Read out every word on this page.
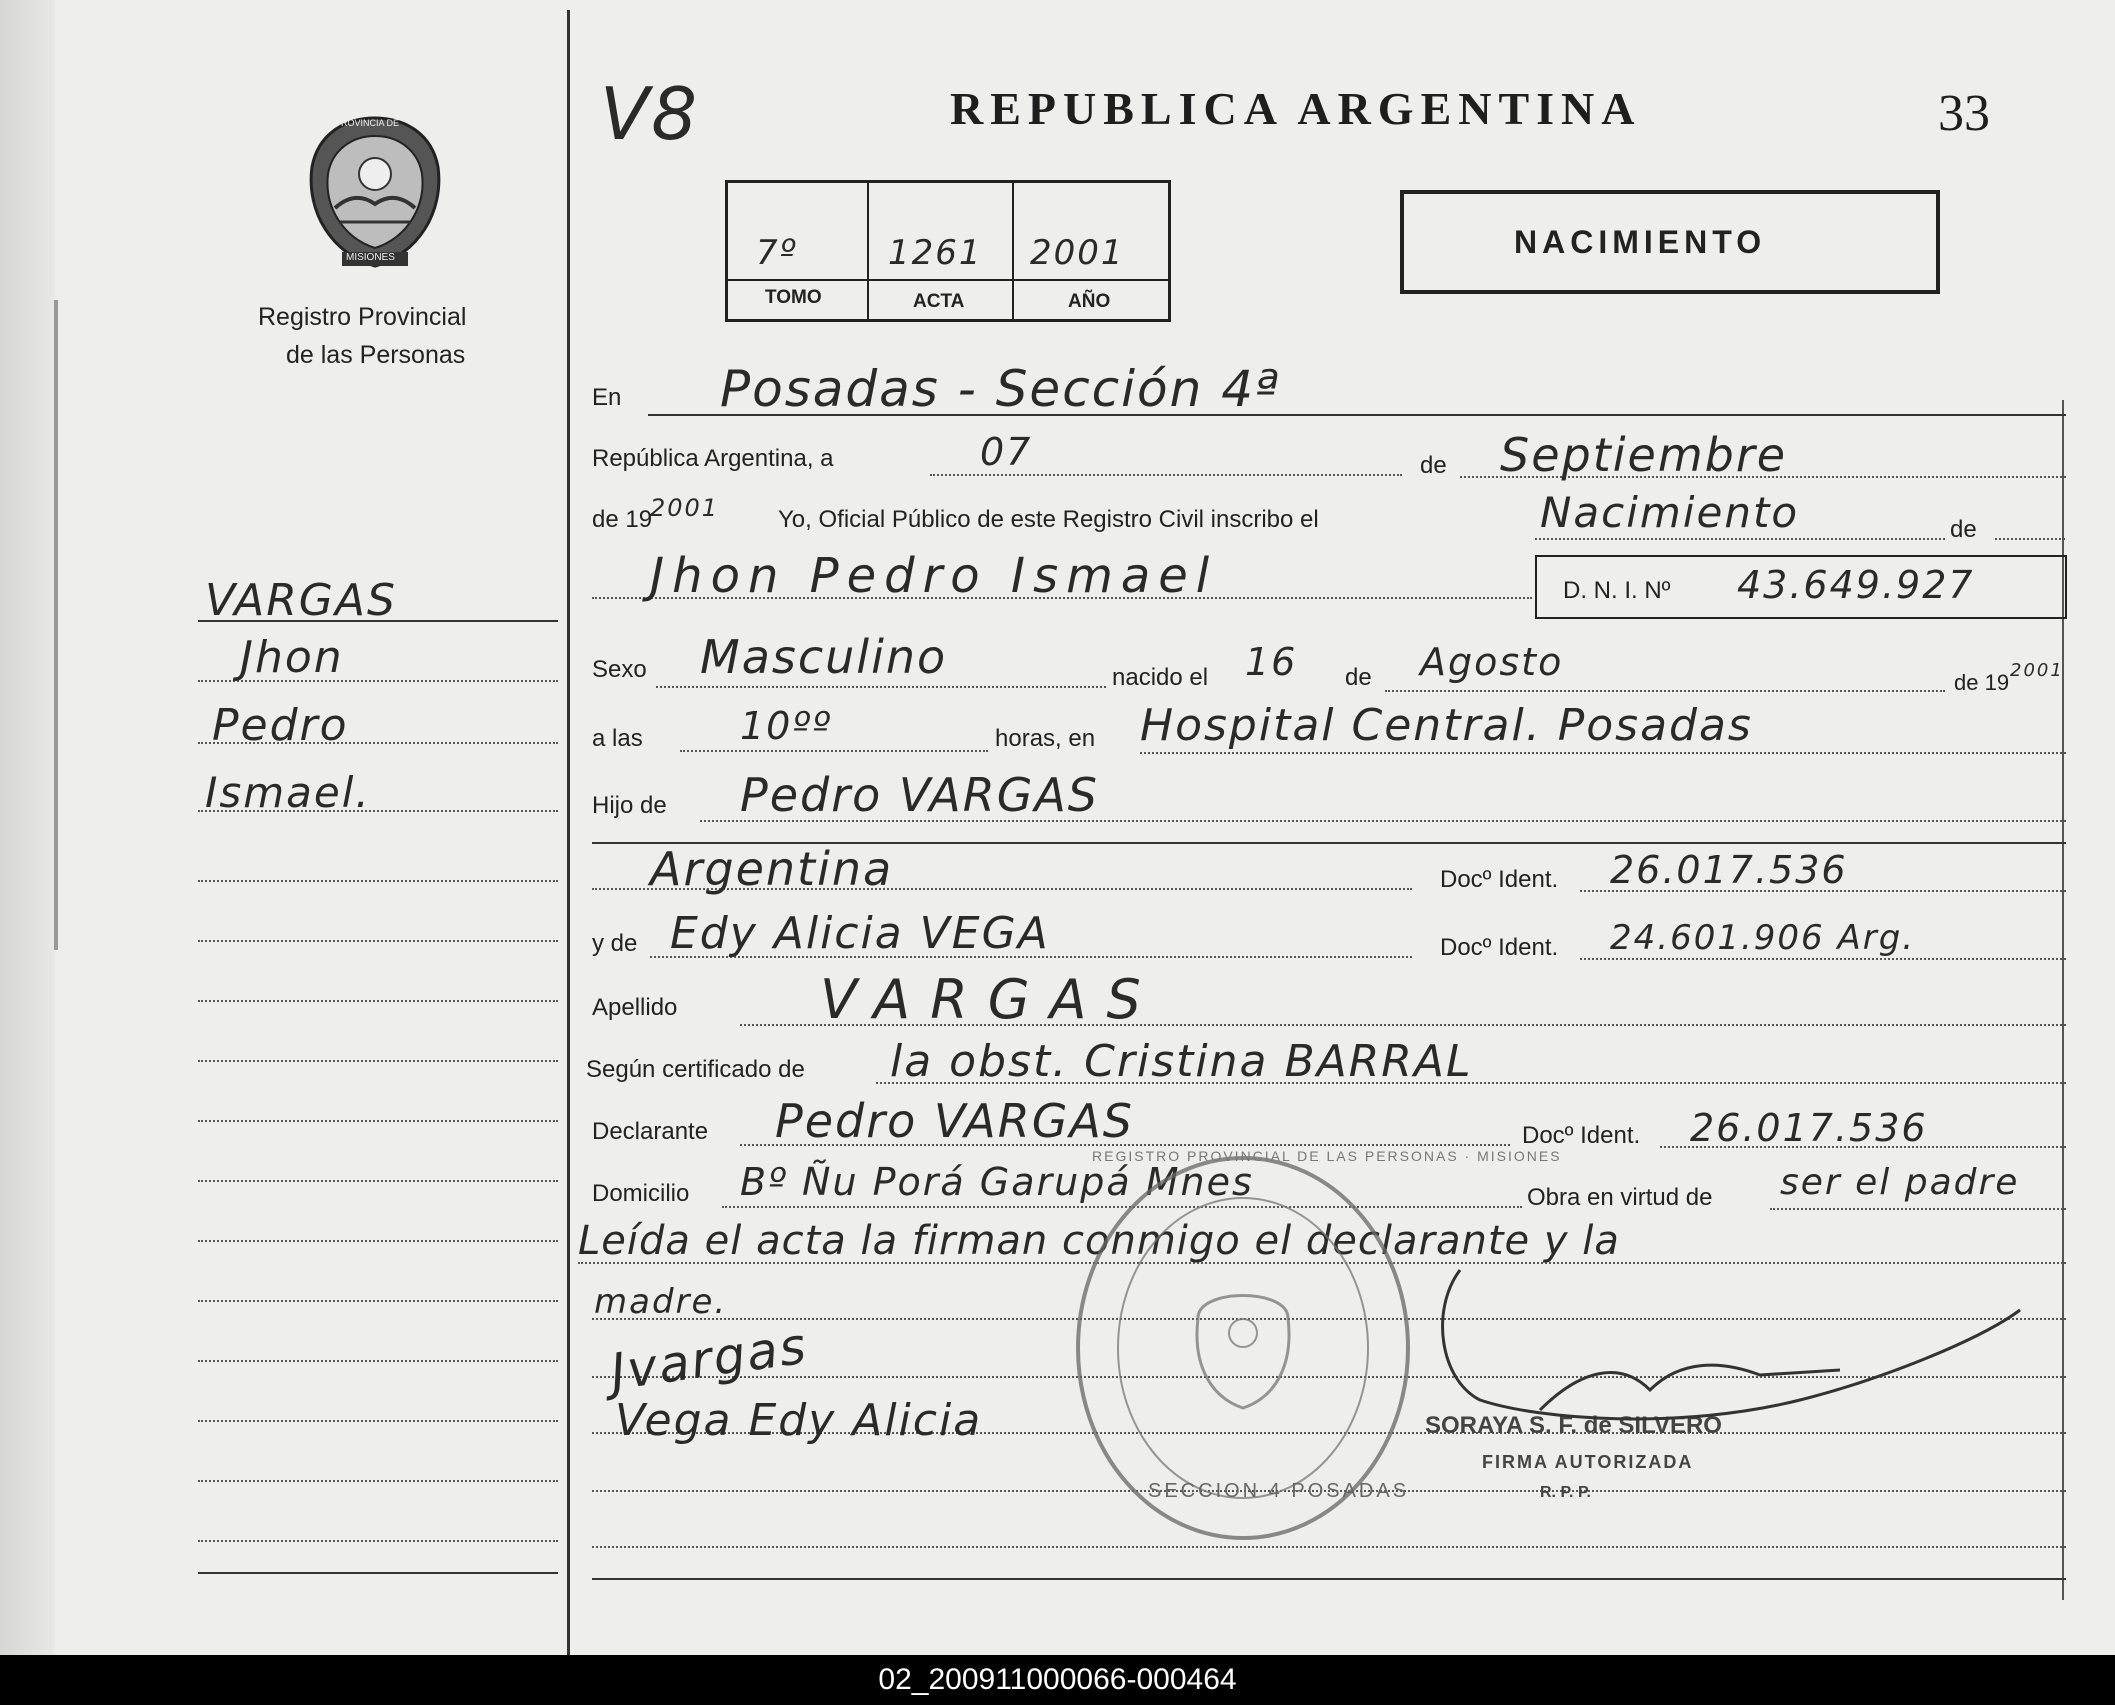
PROVINCIA DE
MISIONES
Registro Provincial
de las Personas
V8	REPUBLICA ARGENTINA	33
7º	1261 2001
TOMO	ACTA	AÑO
NACIMIENTO
VARGAS
Jhon
Pedro
Ismael.
En Posadas - Sección 4ª
República Argentina, a	07	de Septiembre
de 19
2001 Yo, Oficial Público de este Registro Civil inscribo el	Nacimiento	de
Jhon Pedro Ismael	D. N. I. Nº 43.649.927
Sexo Masculino	nacido el 16 de Agosto	de 19 2001
a las	10ºº	horas, en Hospital Central. Posadas
Hijo de Pedro VARGAS
Argentina	Docº Ident. 26.017.536
y de Edy Alicia VEGA	Docº Ident. 24.601.906 Arg.
Apellido	VARGAS
Según certificado de la obst. Cristina BARRAL
Declarante Pedro VARGAS	Docº Ident. 26.017.536
Domicilio Bº Ñu Porá Garupá Mnes	Obra en virtud de ser el padre
Leída el acta la firman conmigo el declarante y la
madre.
Jvargas
Vega Edy Alicia
SECCION 4 POSADAS
REGISTRO PROVINCIAL DE LAS PERSONAS · MISIONES
SORAYA S. F. de SILVERO
FIRMA AUTORIZADA
R. P. P.
02_200911000066-000464
